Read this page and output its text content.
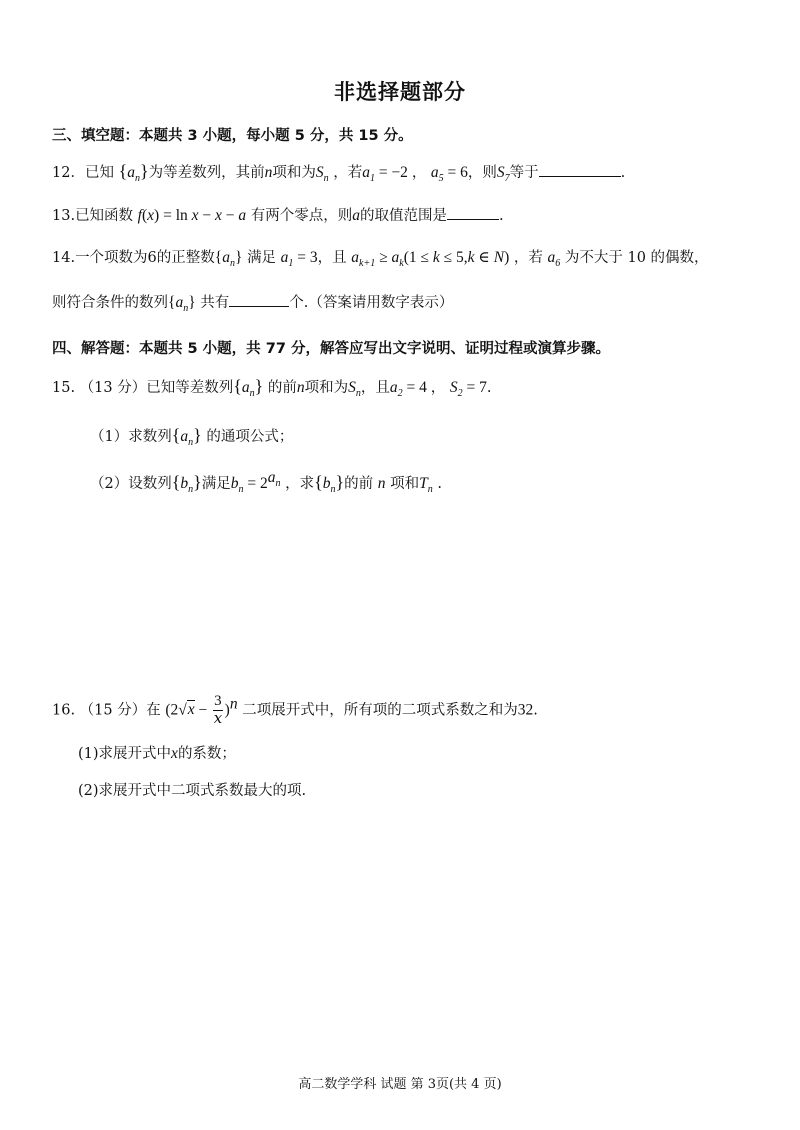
非选择题部分
三、填空题：本题共 3 小题，每小题 5 分，共 15 分。
12．已知 $\{a_n\}$为等差数列，其前n项和为$S_n$ ，若$a_1 = -2$ ， $a_5 = 6$，则$S_7$等于	.
13.已知函数 f(x) = ln x − x − a 有两个零点，则a的取值范围是	.
14.一个项数为6的正整数$\{a_n\}$ 满足 $a_1 = 3$，且 $a_{k+1} \ge a_k(1 \le k \le 5,k$ ∈ N) ，若 $a_6$ 为不大于 10 的偶数，
则符合条件的数列$\{a_n\}$ 共有	个.（答案请用数字表示）
四、解答题：本题共 5 小题，共 77 分，解答应写出文字说明、证明过程或演算步骤。
15. （13 分）已知等差数列$\{a_n\}$ 的前n项和为$S_n$，且$a_2 = 4$ ， $S_2 = 7$.
（1）求数列$\{a_n\}$ 的通项公式；
（2）设数列$\{b_n\}$满足$b_n = 2^{a_n}$ ，求$\{b_n\}$的前 n 项和$T_n$ .
16. （15 分）在 $(2√x - \frac{3}{x} )^n$ 二项展开式中，所有项的二项式系数之和为32.
(1)求展开式中x的系数；
(2)求展开式中二项式系数最大的项.
高二数学学科 试题 第 3页(共 4 页)
